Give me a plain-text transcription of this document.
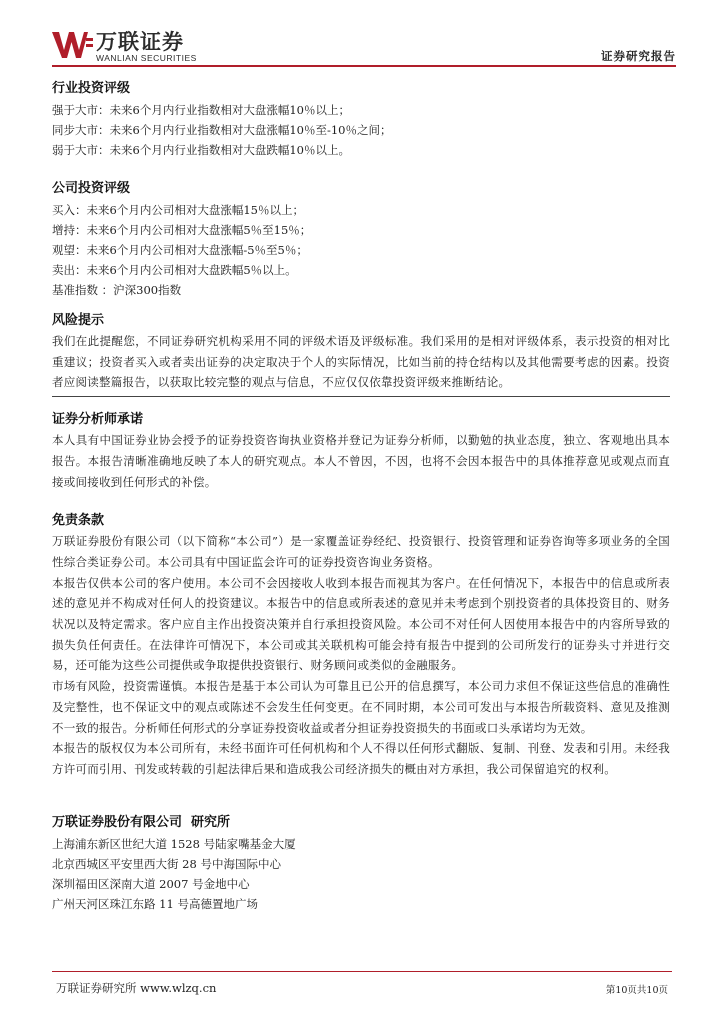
万联证券
WANLIAN SECURITIES	证券研究报告
行业投资评级
强于大市：未来6个月内行业指数相对大盘涨幅10％以上；
同步大市：未来6个月内行业指数相对大盘涨幅10％至-10％之间；
弱于大市：未来6个月内行业指数相对大盘跌幅10％以上。
公司投资评级
买入：未来6个月内公司相对大盘涨幅15％以上；
增持：未来6个月内公司相对大盘涨幅5％至15％；
观望：未来6个月内公司相对大盘涨幅-5％至5％；
卖出：未来6个月内公司相对大盘跌幅5％以上。
基准指数 ：沪深300指数
风险提示
我们在此提醒您，不同证券研究机构采用不同的评级术语及评级标准。我们采用的是相对评级体系，表示投资的相对比重建议；投资者买入或者卖出证券的决定取决于个人的实际情况，比如当前的持仓结构以及其他需要考虑的因素。投资者应阅读整篇报告，以获取比较完整的观点与信息，不应仅仅依靠投资评级来推断结论。
证券分析师承诺
本人具有中国证券业协会授予的证券投资咨询执业资格并登记为证券分析师，以勤勉的执业态度，独立、客观地出具本报告。本报告清晰准确地反映了本人的研究观点。本人不曾因，不因，也将不会因本报告中的具体推荐意见或观点而直接或间接收到任何形式的补偿。
免责条款
万联证券股份有限公司（以下简称“本公司”）是一家覆盖证券经纪、投资银行、投资管理和证券咨询等多项业务的全国性综合类证券公司。本公司具有中国证监会许可的证券投资咨询业务资格。
本报告仅供本公司的客户使用。本公司不会因接收人收到本报告而视其为客户。在任何情况下，本报告中的信息或所表述的意见并不构成对任何人的投资建议。本报告中的信息或所表述的意见并未考虑到个别投资者的具体投资目的、财务状况以及特定需求。客户应自主作出投资决策并自行承担投资风险。本公司不对任何人因使用本报告中的内容所导致的损失负任何责任。在法律许可情况下，本公司或其关联机构可能会持有报告中提到的公司所发行的证券头寸并进行交易，还可能为这些公司提供或争取提供投资银行、财务顾问或类似的金融服务。
市场有风险，投资需谨慎。本报告是基于本公司认为可靠且已公开的信息撰写，本公司力求但不保证这些信息的准确性及完整性，也不保证文中的观点或陈述不会发生任何变更。在不同时期，本公司可发出与本报告所载资料、意见及推测不一致的报告。分析师任何形式的分享证券投资收益或者分担证券投资损失的书面或口头承诺均为无效。
本报告的版权仅为本公司所有，未经书面许可任何机构和个人不得以任何形式翻版、复制、刊登、发表和引用。未经我方许可而引用、刊发或转载的引起法律后果和造成我公司经济损失的概由对方承担，我公司保留追究的权利。
万联证券股份有限公司  研究所
上海浦东新区世纪大道 1528 号陆家嘴基金大厦
北京西城区平安里西大街 28 号中海国际中心
深圳福田区深南大道 2007 号金地中心
广州天河区珠江东路 11 号高德置地广场
万联证券研究所 www.wlzq.cn	第10页共10页
